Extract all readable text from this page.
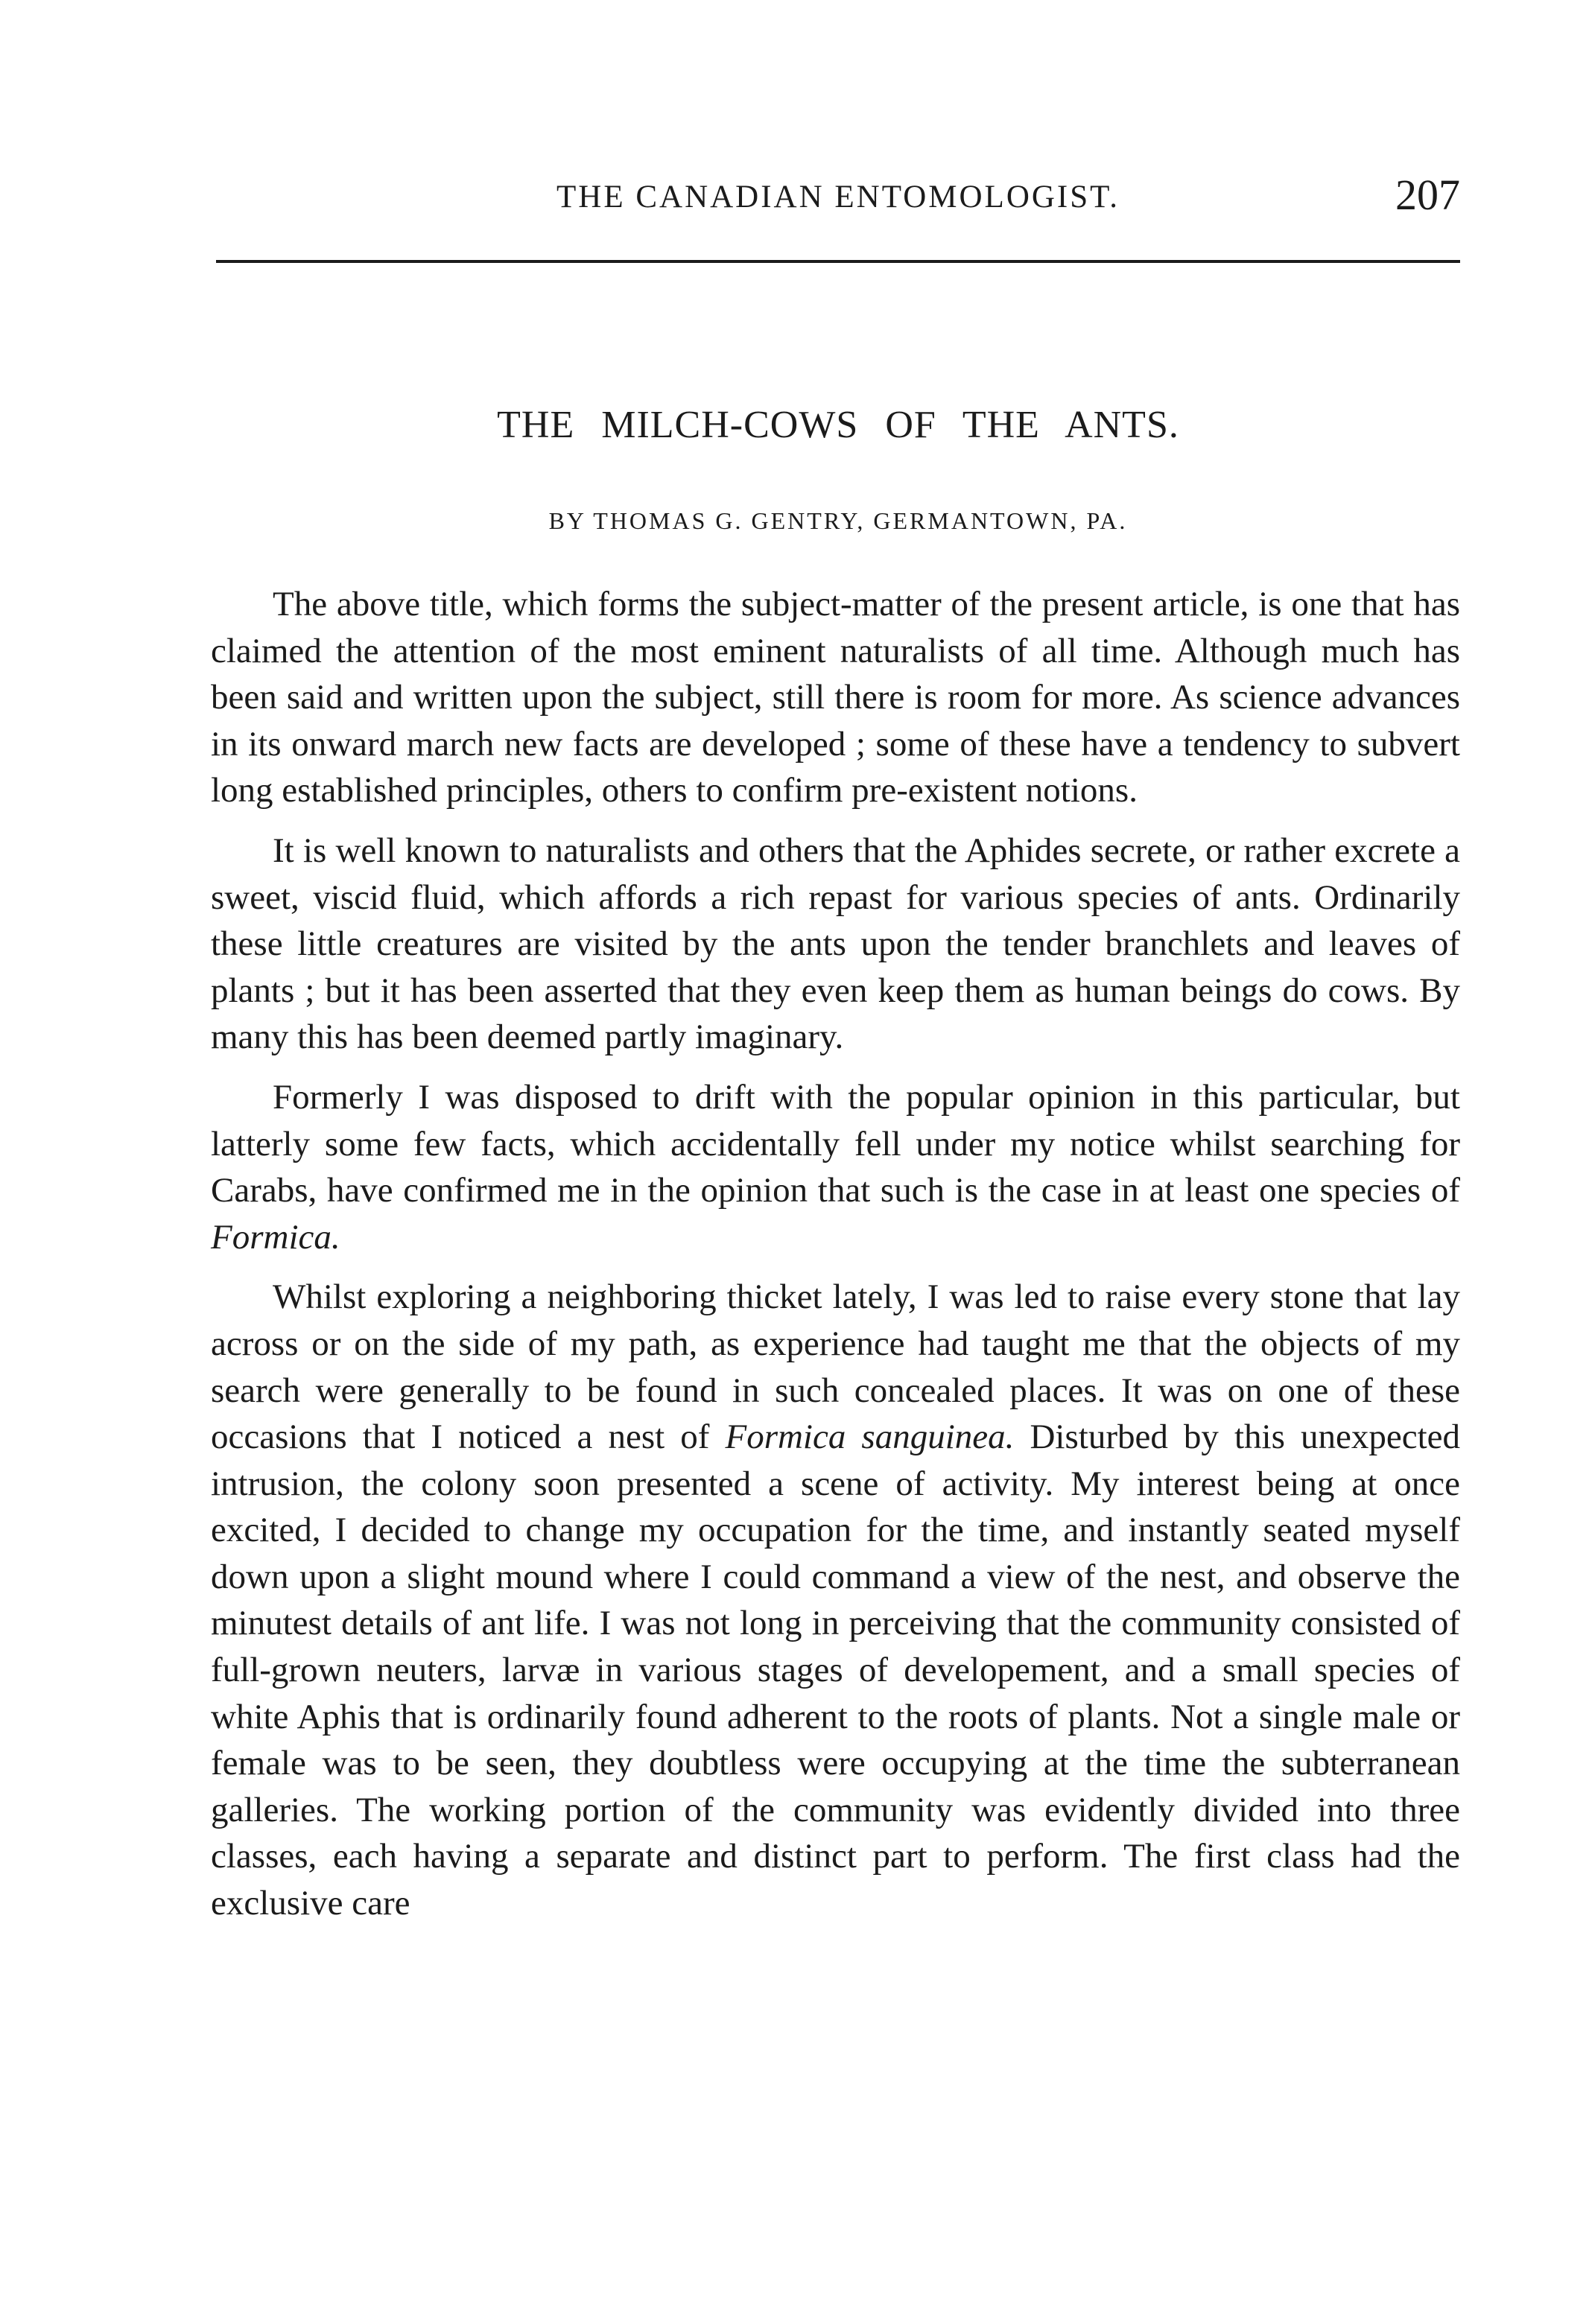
THE CANADIAN ENTOMOLOGIST.	207
THE MILCH-COWS OF THE ANTS.
BY THOMAS G. GENTRY, GERMANTOWN, PA.

The above title, which forms the subject-matter of the present article, is one that has claimed the attention of the most eminent naturalists of all time. Although much has been said and written upon the subject, still there is room for more. As science advances in its onward march new facts are developed ; some of these have a tendency to subvert long established principles, others to confirm pre-existent notions.

It is well known to naturalists and others that the Aphides secrete, or rather excrete a sweet, viscid fluid, which affords a rich repast for various species of ants. Ordinarily these little creatures are visited by the ants upon the tender branchlets and leaves of plants ; but it has been asserted that they even keep them as human beings do cows. By many this has been deemed partly imaginary.

Formerly I was disposed to drift with the popular opinion in this particular, but latterly some few facts, which accidentally fell under my notice whilst searching for Carabs, have confirmed me in the opinion that such is the case in at least one species of Formica.

Whilst exploring a neighboring thicket lately, I was led to raise every stone that lay across or on the side of my path, as experience had taught me that the objects of my search were generally to be found in such concealed places. It was on one of these occasions that I noticed a nest of Formica sanguinea. Disturbed by this unexpected intrusion, the colony soon presented a scene of activity. My interest being at once excited, I decided to change my occupation for the time, and instantly seated myself down upon a slight mound where I could command a view of the nest, and observe the minutest details of ant life. I was not long in perceiving that the community consisted of full-grown neuters, larvæ in various stages of developement, and a small species of white Aphis that is ordinarily found adherent to the roots of plants. Not a single male or female was to be seen, they doubtless were occupying at the time the subterranean galleries. The working portion of the community was evidently divided into three classes, each having a separate and distinct part to perform. The first class had the exclusive care
